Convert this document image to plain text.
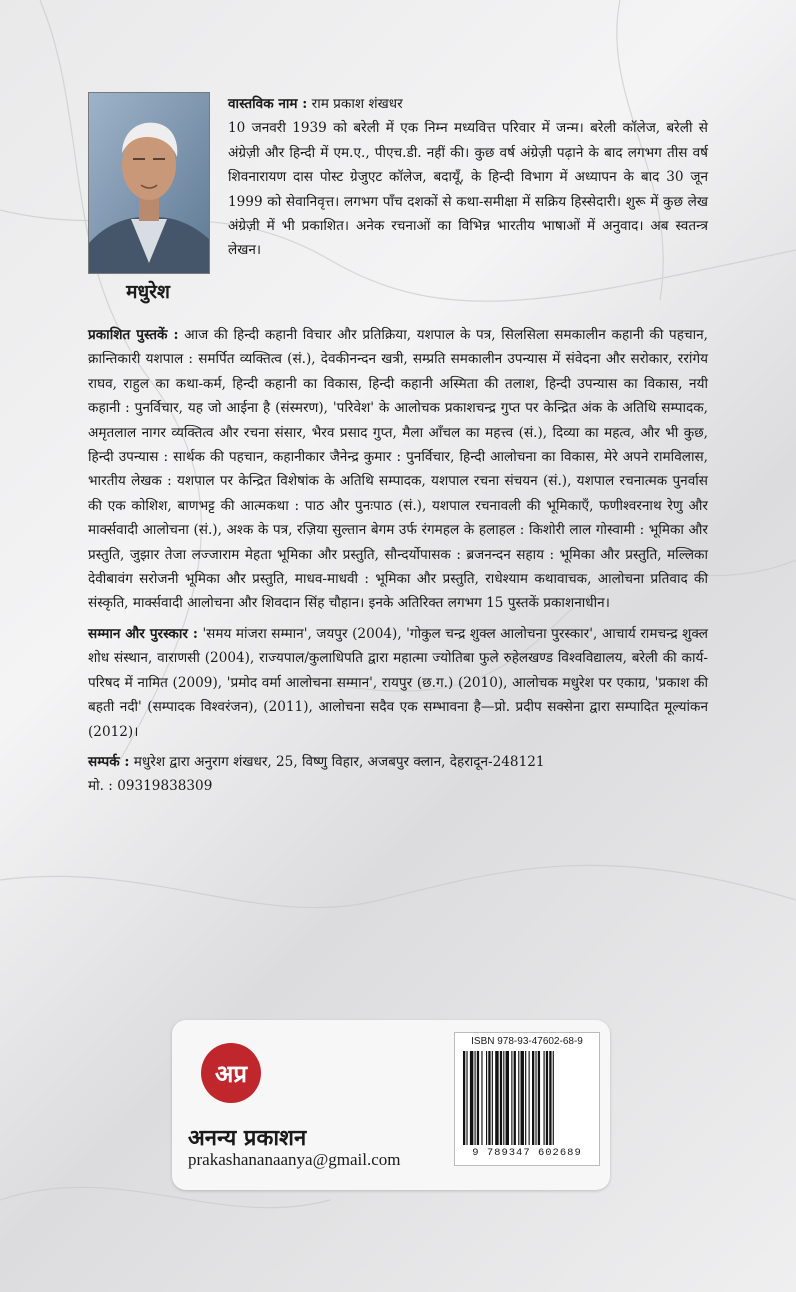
मधुरेश

वास्तविक नाम : राम प्रकाश शंखधर

10 जनवरी 1939 को बरेली में एक निम्न मध्यवित्त परिवार में जन्म। बरेली कॉलेज, बरेली से अंग्रेज़ी और हिन्दी में एम.ए., पीएच.डी. नहीं की। कुछ वर्ष अंग्रेज़ी पढ़ाने के बाद लगभग तीस वर्ष शिवनारायण दास पोस्ट ग्रेजुएट कॉलेज, बदायूँ, के हिन्दी विभाग में अध्यापन के बाद 30 जून 1999 को सेवानिवृत्त। लगभग पाँच दशकों से कथा-समीक्षा में सक्रिय हिस्सेदारी। शुरू में कुछ लेख अंग्रेज़ी में भी प्रकाशित। अनेक रचनाओं का विभिन्न भारतीय भाषाओं में अनुवाद। अब स्वतन्त्र लेखन।

प्रकाशित पुस्तकें : आज की हिन्दी कहानी विचार और प्रतिक्रिया, यशपाल के पत्र, सिलसिला समकालीन कहानी की पहचान, क्रान्तिकारी यशपाल : समर्पित व्यक्तित्व (सं.), देवकीनन्दन खत्री, सम्प्रति समकालीन उपन्यास में संवेदना और सरोकार, ररांगेय राघव, राहुल का कथा-कर्म, हिन्दी कहानी का विकास, हिन्दी कहानी अस्मिता की तलाश, हिन्दी उपन्यास का विकास, नयी कहानी : पुनर्विचार, यह जो आईना है (संस्मरण), 'परिवेश' के आलोचक प्रकाशचन्द्र गुप्त पर केन्द्रित अंक के अतिथि सम्पादक, अमृतलाल नागर व्यक्तित्व और रचना संसार, भैरव प्रसाद गुप्त, मैला आँचल का महत्त्व (सं.), दिव्या का महत्व, और भी कुछ, हिन्दी उपन्यास : सार्थक की पहचान, कहानीकार जैनेन्द्र कुमार : पुनर्विचार, हिन्दी आलोचना का विकास, मेरे अपने रामविलास, भारतीय लेखक : यशपाल पर केन्द्रित विशेषांक के अतिथि सम्पादक, यशपाल रचना संचयन (सं.), यशपाल रचनात्मक पुनर्वास की एक कोशिश, बाणभट्ट की आत्मकथा : पाठ और पुनःपाठ (सं.), यशपाल रचनावली की भूमिकाएँ, फणीश्वरनाथ रेणु और मार्क्सवादी आलोचना (सं.), अश्क के पत्र, रज़िया सुल्तान बेगम उर्फ रंगमहल के हलाहल : किशोरी लाल गोस्वामी : भूमिका और प्रस्तुति, जुझार तेजा लज्जाराम मेहता भूमिका और प्रस्तुति, सौन्दर्योपासक : ब्रजनन्दन सहाय : भूमिका और प्रस्तुति, मल्लिका देवीबावंग सरोजनी भूमिका और प्रस्तुति, माधव-माधवी : भूमिका और प्रस्तुति, राधेश्याम कथावाचक, आलोचना प्रतिवाद की संस्कृति, मार्क्सवादी आलोचना और शिवदान सिंह चौहान। इनके अतिरिक्त लगभग 15 पुस्तकें प्रकाशनाधीन।

सम्मान और पुरस्कार : 'समय मांजरा सम्मान', जयपुर (2004), 'गोकुल चन्द्र शुक्ल आलोचना पुरस्कार', आचार्य रामचन्द्र शुक्ल शोध संस्थान, वाराणसी (2004), राज्यपाल/कुलाधिपति द्वारा महात्मा ज्योतिबा फुले रुहेलखण्ड विश्वविद्यालय, बरेली की कार्य-परिषद में नामित (2009), 'प्रमोद वर्मा आलोचना सम्मान', रायपुर (छ.ग.) (2010), आलोचक मधुरेश पर एकाग्र, 'प्रकाश की बहती नदी' (सम्पादक विश्वरंजन), (2011), आलोचना सदैव एक सम्भावना है—प्रो. प्रदीप सक्सेना द्वारा सम्पादित मूल्यांकन (2012)।

सम्पर्क : मधुरेश द्वारा अनुराग शंखधर, 25, विष्णु विहार, अजबपुर क्लान, देहरादून-248121

मो. : 09319838309

अप्र
अनन्य प्रकाशन
prakashananaanya@gmail.com
ISBN 978-93-47602-68-9
9 789347 602689
